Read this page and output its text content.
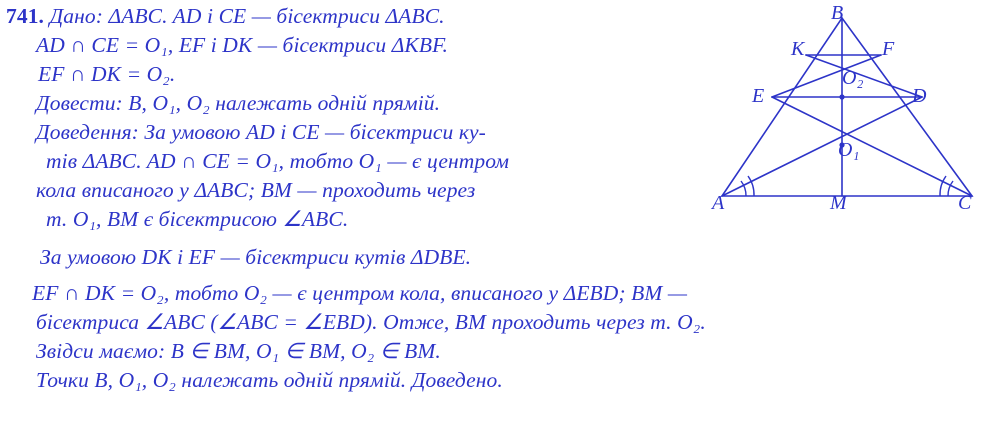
741. Дано: ΔABC. AD і CE — бісектриси ΔABC.
AD ∩ CE = O₁, EF і DK — бісектриси ΔKBF.
EF ∩ DK = O₂.
Довести: B, O₁, O₂ належать одній прямій.
Доведення: За умовою AD і CE — бісектриси ку-
тів ΔABC. AD ∩ CE = O₁, тобто O₁ — є центром
кола вписаного у ΔABC; BM — проходить через
т. O₁, BM є бісектрисою ∠ABC.
За умовою DK і EF — бісектриси кутів ΔDBE.
EF ∩ DK = O₂, тобто O₂ — є центром кола, вписаного у ΔEBD; BM —
бісектриса ∠ABC (∠ABC = ∠EBD). Отже, BM проходить через т. O₂.
Звідси маємо: B ∈ BM, O₁ ∈ BM, O₂ ∈ BM.
Точки B, O₁, O₂ належать одній прямій. Доведено.
B
K	F
O₂
E	D
O₁
A	M	C
